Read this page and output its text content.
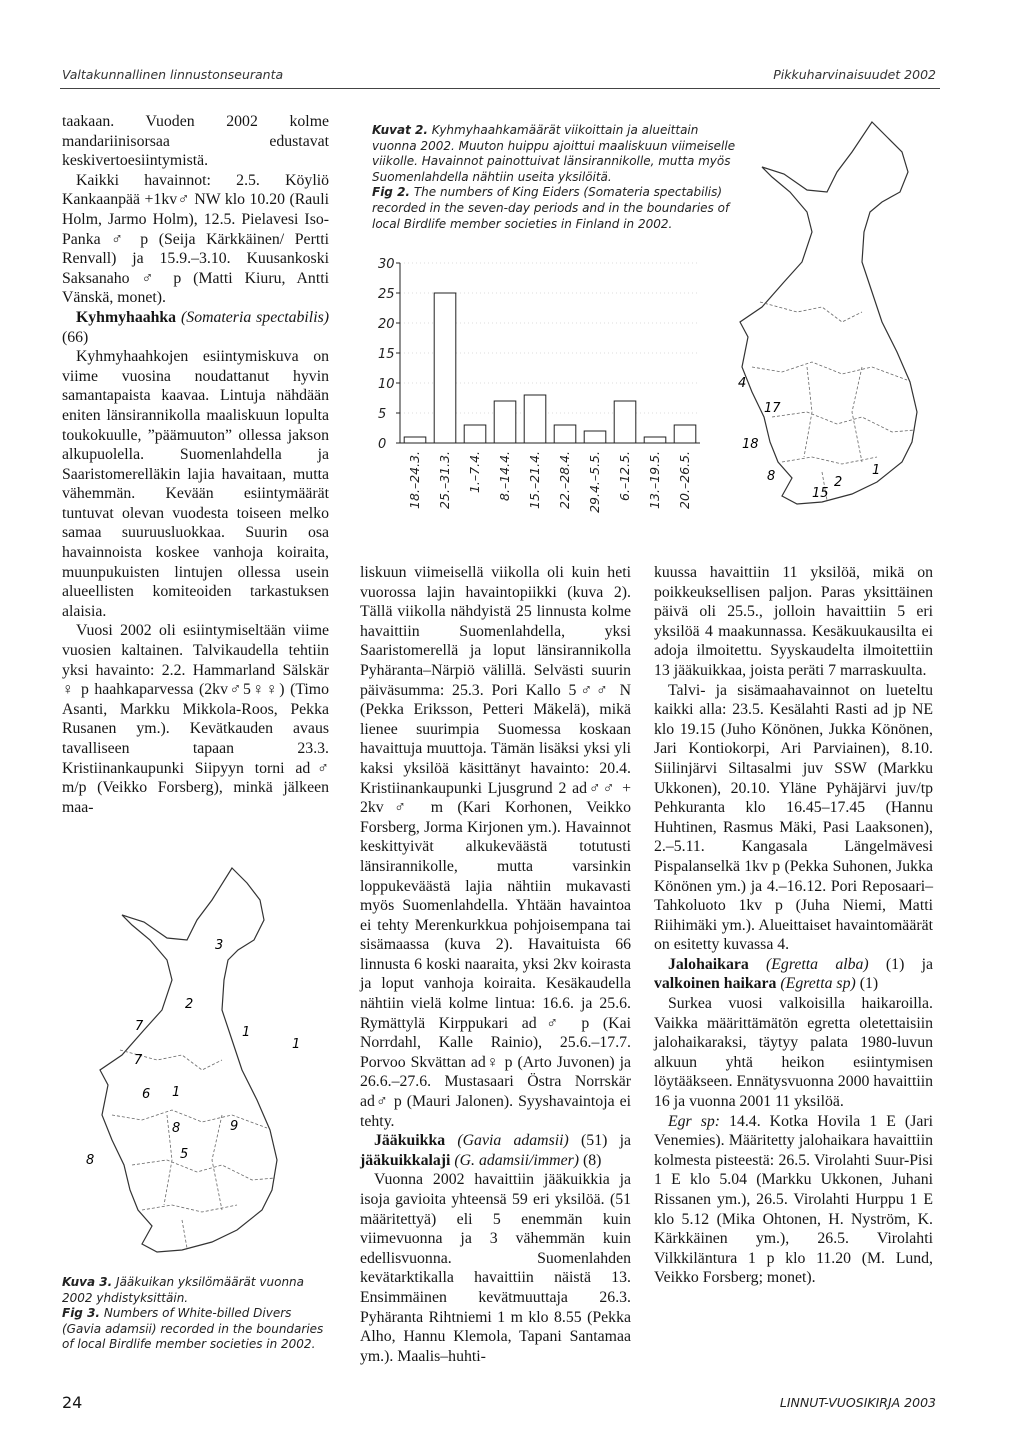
Valtakunnallinen linnustonseuranta	Pikkuharvinaisuudet 2002

taakaan. Vuoden 2002 kolme mandariinisorsaa edustavat keskivertoesiintymistä.

Kaikki havainnot: 2.5. Köyliö Kankaanpää +1kv♂ NW klo 10.20 (Rauli Holm, Jarmo Holm), 12.5. Pielavesi Iso-Panka ♂ p (Seija Kärkkäinen/ Pertti Renvall) ja 15.9.–3.10. Kuusankoski Saksanaho ♂ p (Matti Kiuru, Antti Vänskä, monet).

Kyhmyhaahka (Somateria spectabilis) (66)

Kyhmyhaahkojen esiintymiskuva on viime vuosina noudattanut hyvin samantapaista kaavaa. Lintuja nähdään eniten länsirannikolla maaliskuun lopulta toukokuulle, ”päämuuton” ollessa jakson alkupuolella. Suomenlahdella ja Saaristomerelläkin lajia havaitaan, mutta vähemmän. Kevään esiintymäärät tuntuvat olevan vuodesta toiseen melko samaa suuruusluokkaa. Suurin osa havainnoista koskee vanhoja koiraita, muunpukuisten lintujen ollessa usein alueellisten komiteoiden tarkastuksen alaisia.

Vuosi 2002 oli esiintymiseltään viime vuosien kaltainen. Talvikaudella tehtiin yksi havainto: 2.2. Hammarland Sälskär ♀ p haahkaparvessa (2kv♂5♀♀) (Timo Asanti, Markku Mikkola-Roos, Pekka Rusanen ym.). Kevätkauden avaus tavalliseen tapaan 23.3. Kristiinankaupunki Siipyyn torni ad♂ m/p (Veikko Forsberg), minkä jälkeen maa-

Kuvat 2. Kyhmyhaahkamäärät viikoittain ja alueittain vuonna 2002. Muuton huippu ajoittui maaliskuun viimeiselle viikolle. Havainnot painottuivat länsirannikolle, mutta myös Suomenlahdella nähtiin useita yksilöitä.
Fig 2. The numbers of King Eiders (Somateria spectabilis) recorded in the seven-day periods and in the boundaries of local Birdlife member societies in Finland in 2002.
0
5
10
15
20
25
30
18.–24.3. 25.–31.3. 1.–7.4. 8.–14.4. 15.–21.4. 22.–28.4. 29.4.–5.5. 6.–12.5. 13.–19.5. 20.–26.5.
4
17
18
8
15
2
1

liskuun viimeisellä viikolla oli kuin heti vuorossa lajin havaintopiikki (kuva 2). Tällä viikolla nähdyistä 25 linnusta kolme havaittiin Suomenlahdella, yksi Saaristomerellä ja loput länsirannikolla Pyhäranta–Närpiö välillä. Selvästi suurin päiväsumma: 25.3. Pori Kallo 5♂♂ N (Pekka Eriksson, Petteri Mäkelä), mikä lienee suurimpia Suomessa koskaan havaittuja muuttoja. Tämän lisäksi yksi yli kaksi yksilöä käsittänyt havainto: 20.4. Kristiinankaupunki Ljusgrund 2 ad♂♂ + 2kv♂ m (Kari Korhonen, Veikko Forsberg, Jorma Kirjonen ym.). Havainnot keskittyivät alkukeväästä totutusti länsirannikolle, mutta varsinkin loppukeväästä lajia nähtiin mukavasti myös Suomenlahdella. Yhtään havaintoa ei tehty Merenkurkkua pohjoisempana tai sisämaassa (kuva 2). Havaituista 66 linnusta 6 koski naaraita, yksi 2kv koirasta ja loput vanhoja koiraita. Kesäkaudella nähtiin vielä kolme lintua: 16.6. ja 25.6. Rymättylä Kirppukari ad♂ p (Kai Norrdahl, Kalle Rainio), 25.6.–17.7. Porvoo Skvättan ad♀ p (Arto Juvonen) ja 26.6.–27.6. Mustasaari Östra Norrskär ad♂ p (Mauri Jalonen). Syyshavaintoja ei tehty.

Jääkuikka (Gavia adamsii) (51) ja jääkuikkalaji (G. adamsii/immer) (8)

Vuonna 2002 havaittiin jääkuikkia ja isoja gavioita yhteensä 59 eri yksilöä. (51 määritettyä) eli 5 enemmän kuin viimevuonna ja 3 vähemmän kuin edellisvuonna. Suomenlahden kevätarktikalla havaittiin näistä 13. Ensimmäinen kevätmuuttaja 26.3. Pyhäranta Rihtniemi 1 m klo 8.55 (Pekka Alho, Hannu Klemola, Tapani Santamaa ym.). Maalis–huhti-

kuussa havaittiin 11 yksilöä, mikä on poikkeuksellisen paljon. Paras yksittäinen päivä oli 25.5., jolloin havaittiin 5 eri yksilöä 4 maakunnassa. Kesäkuukausilta ei adoja ilmoitettu. Syyskaudelta ilmoitettiin 13 jääkuikkaa, joista peräti 7 marraskuulta.

Talvi- ja sisämaahavainnot on lueteltu kaikki alla: 23.5. Kesälahti Rasti ad jp NE klo 19.15 (Juho Könönen, Jukka Könönen, Jari Kontiokorpi, Ari Parviainen), 8.10. Siilinjärvi Siltasalmi juv SSW (Markku Ukkonen), 20.10. Yläne Pyhäjärvi juv/tp Pehkuranta klo 16.45–17.45 (Hannu Huhtinen, Rasmus Mäki, Pasi Laaksonen), 2.–5.11. Kangasala Längelmävesi Pispalanselkä 1kv p (Pekka Suhonen, Jukka Könönen ym.) ja 4.–16.12. Pori Reposaari–Tahkoluoto 1kv p (Juha Niemi, Matti Riihimäki ym.). Alueittaiset havaintomäärät on esitetty kuvassa 4.

Jalohaikara (Egretta alba) (1) ja valkoinen haikara (Egretta sp) (1)

Surkea vuosi valkoisilla haikaroilla. Vaikka määrittämätön egretta oletettaisiin jalohaikaraksi, täytyy palata 1980-luvun alkuun yhtä heikon esiintymisen löytääkseen. Ennätysvuonna 2000 havaittiin 16 ja vuonna 2001 11 yksilöä.

Egr sp: 14.4. Kotka Hovila 1 E (Jari Venemies). Määritetty jalohaikara havaittiin kolmesta pisteestä: 26.5. Virolahti Suur-Pisi 1 E klo 5.04 (Markku Ukkonen, Juhani Rissanen ym.), 26.5. Virolahti Hurppu 1 E klo 5.12 (Mika Ohtonen, H. Nyström, K. Kärkkäinen ym.), 26.5. Virolahti Vilkkiläntura 1 p klo 11.20 (M. Lund, Veikko Forsberg; monet).

3
2
1
1
7
7
6 1
9
8
5
8
Kuva 3. Jääkuikan yksilömäärät vuonna 2002 yhdistyksittäin.
Fig 3. Numbers of White-billed Divers (Gavia adamsii) recorded in the boundaries of local Birdlife member societies in 2002.
24	LINNUT-VUOSIKIRJA 2003
